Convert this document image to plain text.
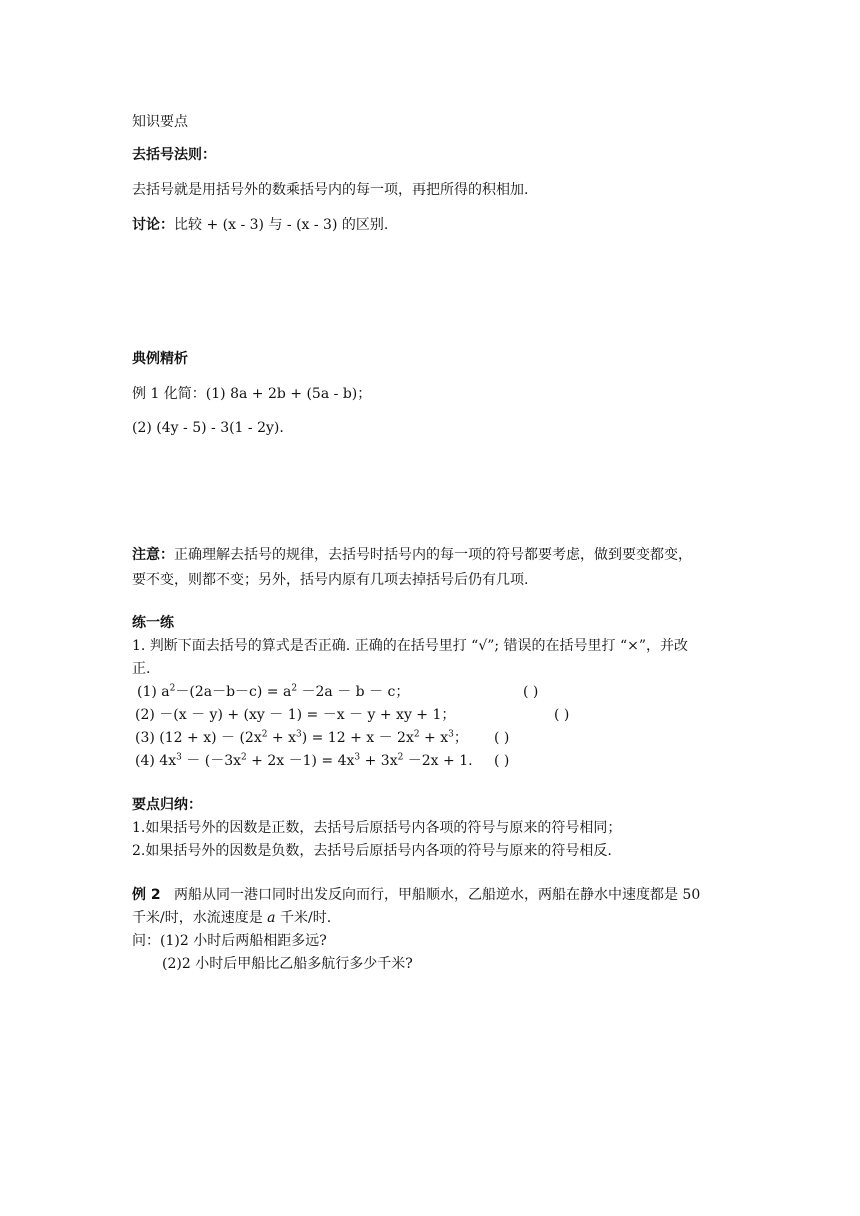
知识要点
去括号法则：
去括号就是用括号外的数乘括号内的每一项，再把所得的积相加.
讨论：比较 + (x - 3) 与 - (x - 3) 的区别.
典例精析
例 1 化简：(1) 8a + 2b + (5a - b)；
(2) (4y - 5) - 3(1 - 2y).
注意：正确理解去括号的规律，去括号时括号内的每一项的符号都要考虑，做到要变都变，
要不变，则都不变；另外，括号内原有几项去掉括号后仍有几项.
练一练
1. 判断下面去括号的算式是否正确. 正确的在括号里打 “√”; 错误的在括号里打 “×”，并改
正.
(1) $a^2-(2a-b-c) = a^2 -2a - b - c$；	( )
(2) －(x － y) + (xy － 1) = －x － y + xy + 1；	( )
(3) $(12 + x) - (2x^2 + x^3) = 12 + x - 2x^2 + x^3$； ( )
(4) $4x^3 - (-3x^2 + 2x -1) = 4x^3 + 3x^2 -2x + 1$. ( )
要点归纳：
1.如果括号外的因数是正数，去括号后原括号内各项的符号与原来的符号相同；
2.如果括号外的因数是负数，去括号后原括号内各项的符号与原来的符号相反.
例 2 两船从同一港口同时出发反向而行，甲船顺水，乙船逆水，两船在静水中速度都是 50
千米/时，水流速度是 a 千米/时.
问：(1)2 小时后两船相距多远?
(2)2 小时后甲船比乙船多航行多少千米?
